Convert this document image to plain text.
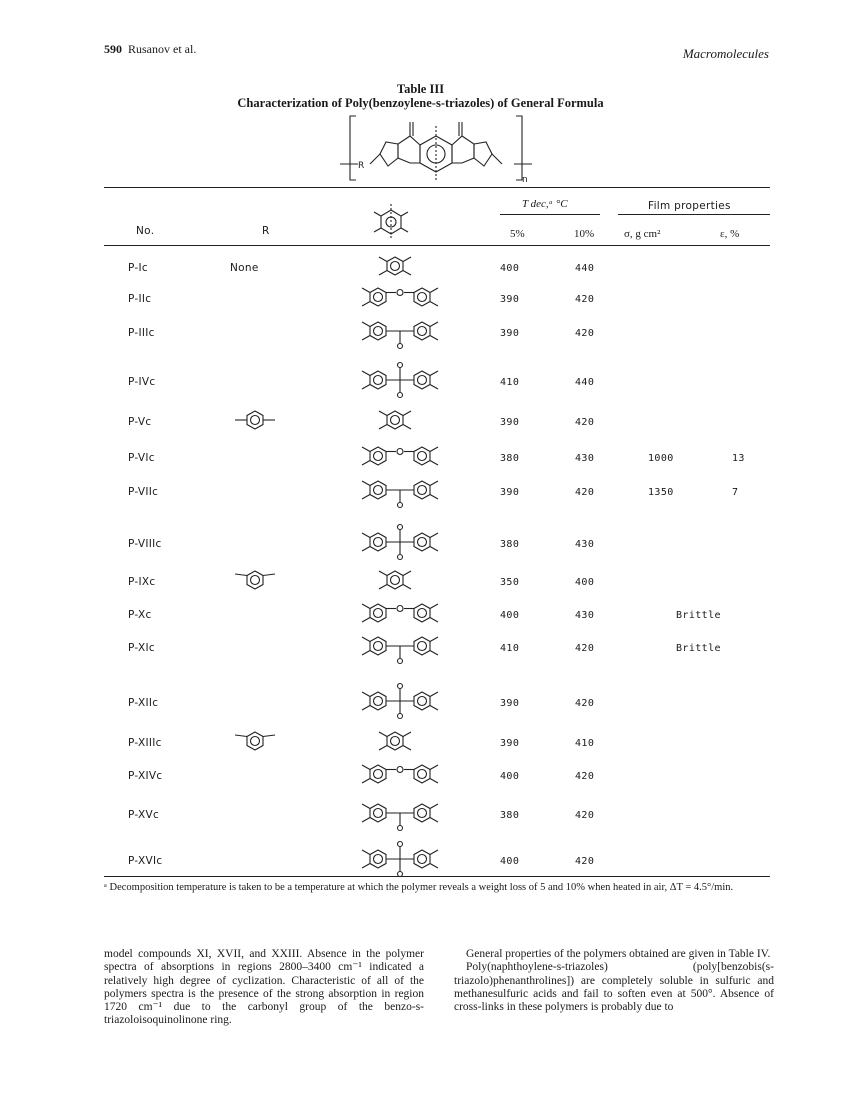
590 Rusanov et al.	Macromolecules
Table III
Characterization of Poly(benzoylene-s-triazoles) of General Formula
R
n
No.	R
T dec,ᵃ °C
5%	10%
Film properties
σ, g cm²	ε, %
P-Ic	None	400	440
P-IIc	390	420
P-IIIc	390	420
P-IVc	410	440
P-Vc	390	420
P-VIc	380	430	1000	13
P-VIIc	390	420	1350	7
P-VIIIc	380	430
P-IXc	350	400
P-Xc	400	430	Brittle
P-XIc	410	420	Brittle
P-XIIc	390	420
P-XIIIc	390	410
P-XIVc	400	420
P-XVc	380	420
P-XVIc	400	420
ᵃ Decomposition temperature is taken to be a temperature at which the polymer reveals a weight loss of 5 and 10% when heated in air, ΔT = 4.5°/min.

model compounds XI, XVII, and XXIII. Absence in the polymer spectra of absorptions in regions 2800–3400 cm⁻¹ indicated a relatively high degree of cyclization. Characteristic of all of the polymers spectra is the presence of the strong absorption in region 1720 cm⁻¹ due to the carbonyl group of the benzo-s-triazoloisoquinolinone ring.

General properties of the polymers obtained are given in Table IV.

Poly(naphthoylene-s-triazoles) (poly[benzobis(s-triazolo)phenanthrolines]) are completely soluble in sulfuric and methanesulfuric acids and fail to soften even at 500°. Absence of cross-links in these polymers is probably due to
